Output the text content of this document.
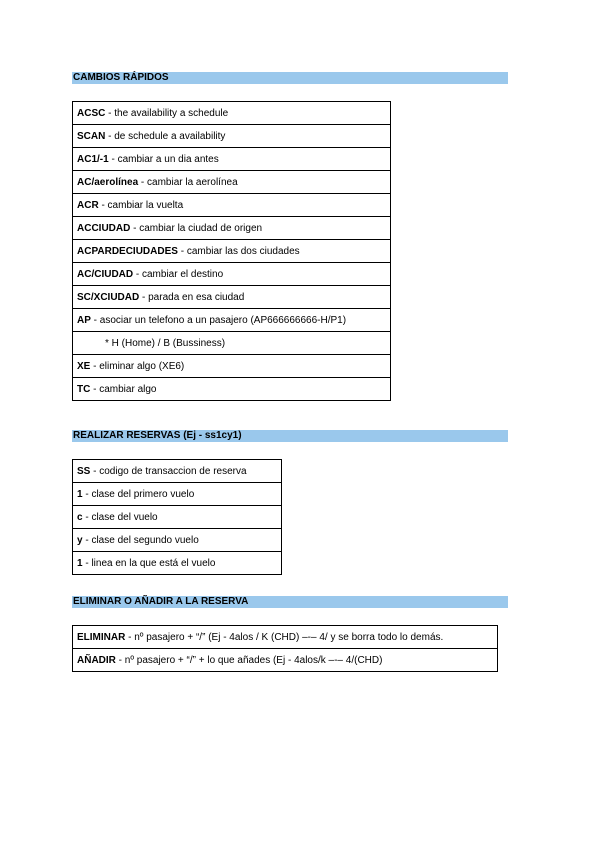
CAMBIOS RÁPIDOS
ACSC - the availability a schedule
SCAN - de schedule a availability
AC1/-1 - cambiar a un dia antes
AC/aerolínea - cambiar la aerolínea
ACR - cambiar la vuelta
ACCIUDAD - cambiar la ciudad de origen
ACPARDECIUDADES - cambiar las dos ciudades
AC/CIUDAD - cambiar el destino
SC/XCIUDAD - parada en esa ciudad
AP - asociar un telefono a un pasajero (AP666666666-H/P1)
* H (Home) / B (Bussiness)
XE - eliminar algo (XE6)
TC - cambiar algo
REALIZAR RESERVAS (Ej - ss1cy1)
SS - codigo de transaccion de reserva
1 - clase del primero vuelo
c - clase del vuelo
y - clase del segundo vuelo
1 - linea en la que está el vuelo
ELIMINAR O AÑADIR A LA RESERVA
ELIMINAR - nº pasajero + “/” (Ej - 4alos / K (CHD) –-– 4/ y se borra todo lo demás.
AÑADIR - nº pasajero + “/” + lo que añades (Ej - 4alos/k –-– 4/(CHD)
